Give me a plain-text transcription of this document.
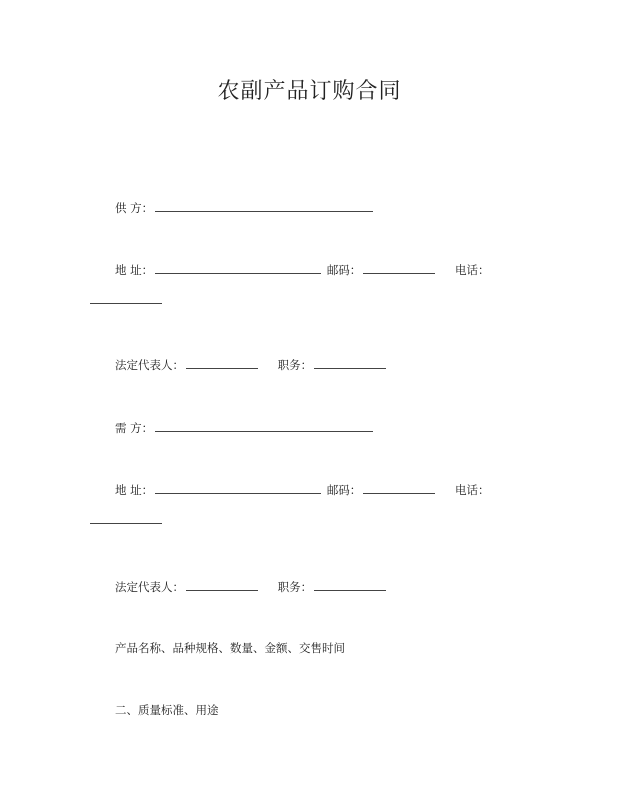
农副产品订购合同
供 方：
地 址：	邮码：	电话：
法定代表人：	职务：
需 方：
地 址：	邮码：	电话：
法定代表人：	职务：
产品名称、品种规格、数量、金额、交售时间
二、质量标准、用途
